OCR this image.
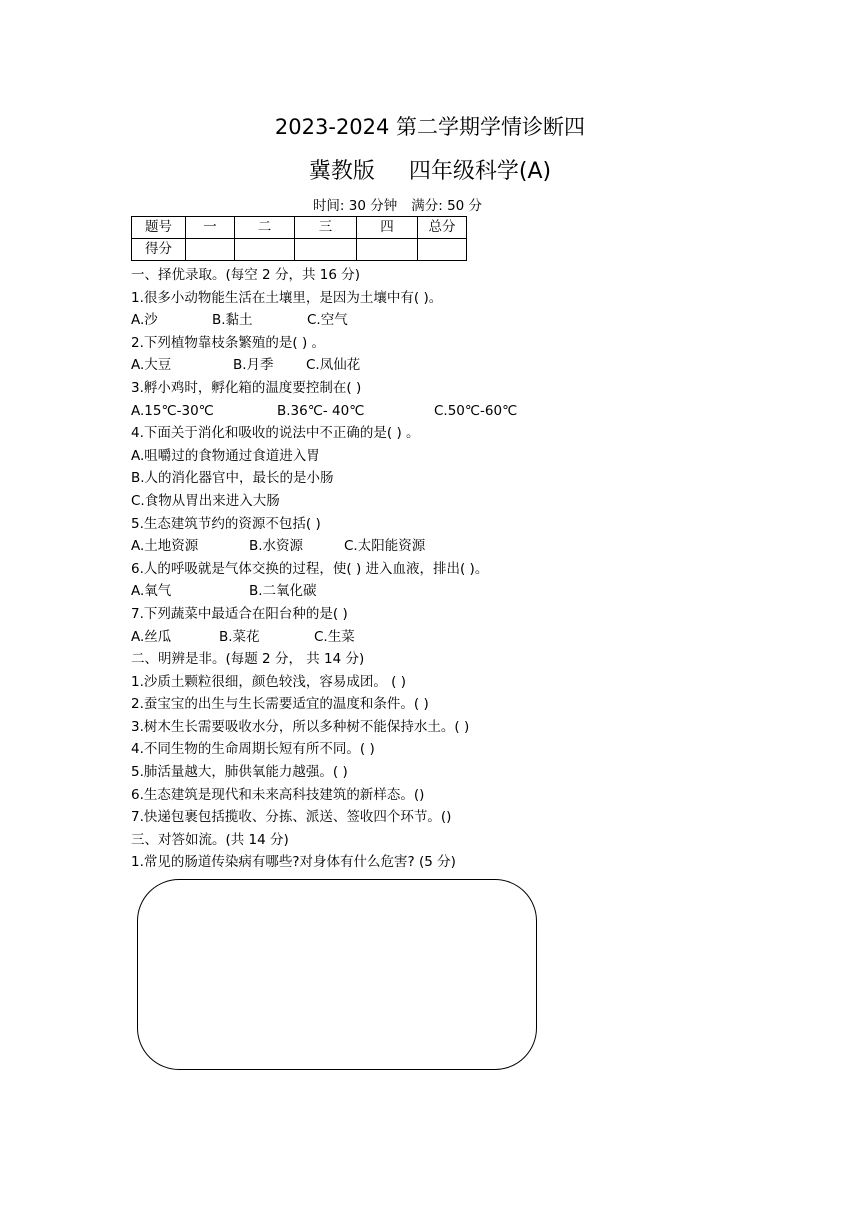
2023-2024 第二学期学情诊断四
冀教版 四年级科学(A)
时间: 30 分钟 满分: 50 分
题号	一	二	三	四	总分
得分					
一、择优录取。(每空 2 分，共 16 分)
1.很多小动物能生活在土壤里，是因为土壤中有( )。
A.沙	B.黏土	C.空气
2.下列植物靠枝条繁殖的是( ) 。
A.大豆	B.月季 C.凤仙花
3.孵小鸡时，孵化箱的温度要控制在( )
A.15℃-30℃	B.36℃- 40℃	C.50℃-60℃
4.下面关于消化和吸收的说法中不正确的是( ) 。
A.咀嚼过的食物通过食道进入胃
B.人的消化器官中，最长的是小肠
C.食物从胃出来进入大肠
5.生态建筑节约的资源不包括( )
A.土地资源	B.水资源	C.太阳能资源
6.人的呼吸就是气体交换的过程，使( ) 进入血液，排出( )。
A.氧气	B.二氧化碳
7.下列蔬菜中最适合在阳台种的是( )
A.丝瓜	B.菜花	C.生菜
二、明辨是非。(每题 2 分， 共 14 分)
1.沙质土颗粒很细，颜色较浅，容易成团。 ( )
2.蚕宝宝的出生与生长需要适宜的温度和条件。( )
3.树木生长需要吸收水分，所以多种树不能保持水土。( )
4.不同生物的生命周期长短有所不同。( )
5.肺活量越大，肺供氧能力越强。( )
6.生态建筑是现代和未来高科技建筑的新样态。()
7.快递包裹包括揽收、分拣、派送、签收四个环节。()
三、对答如流。(共 14 分)
1.常见的肠道传染病有哪些?对身体有什么危害? (5 分)
